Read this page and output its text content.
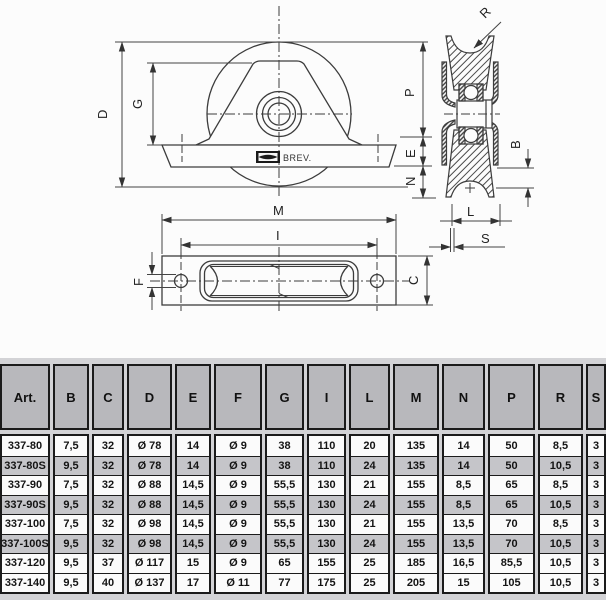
BREV.
D
G
P
E
N
R
B
L
S
M
I
F	C
Art.
337-80
337-80S
337-90
337-90S
337-100
337-100S
337-120
337-140
B
7,5
9,5
7,5
9,5
7,5
9,5
9,5
9,5
C
32
32
32
32
32
32
37
40
D
Ø 78
Ø 78
Ø 88
Ø 88
Ø 98
Ø 98
Ø 117
Ø 137
E
14
14
14,5
14,5
14,5
14,5
15
17
F
Ø 9
Ø 9
Ø 9
Ø 9
Ø 9
Ø 9
Ø 9
Ø 11
G
38
38
55,5
55,5
55,5
55,5
65
77
I
110
110
130
130
130
130
155
175
L
20
24
21
24
21
24
25
25
M
135
135
155
155
155
155
185
205
N
14
14
8,5
8,5
13,5
13,5
16,5
15
P
50
50
65
65
70
70
85,5
105
R
8,5
10,5
8,5
10,5
8,5
10,5
10,5
10,5
S
3
3
3
3
3
3
3
3
